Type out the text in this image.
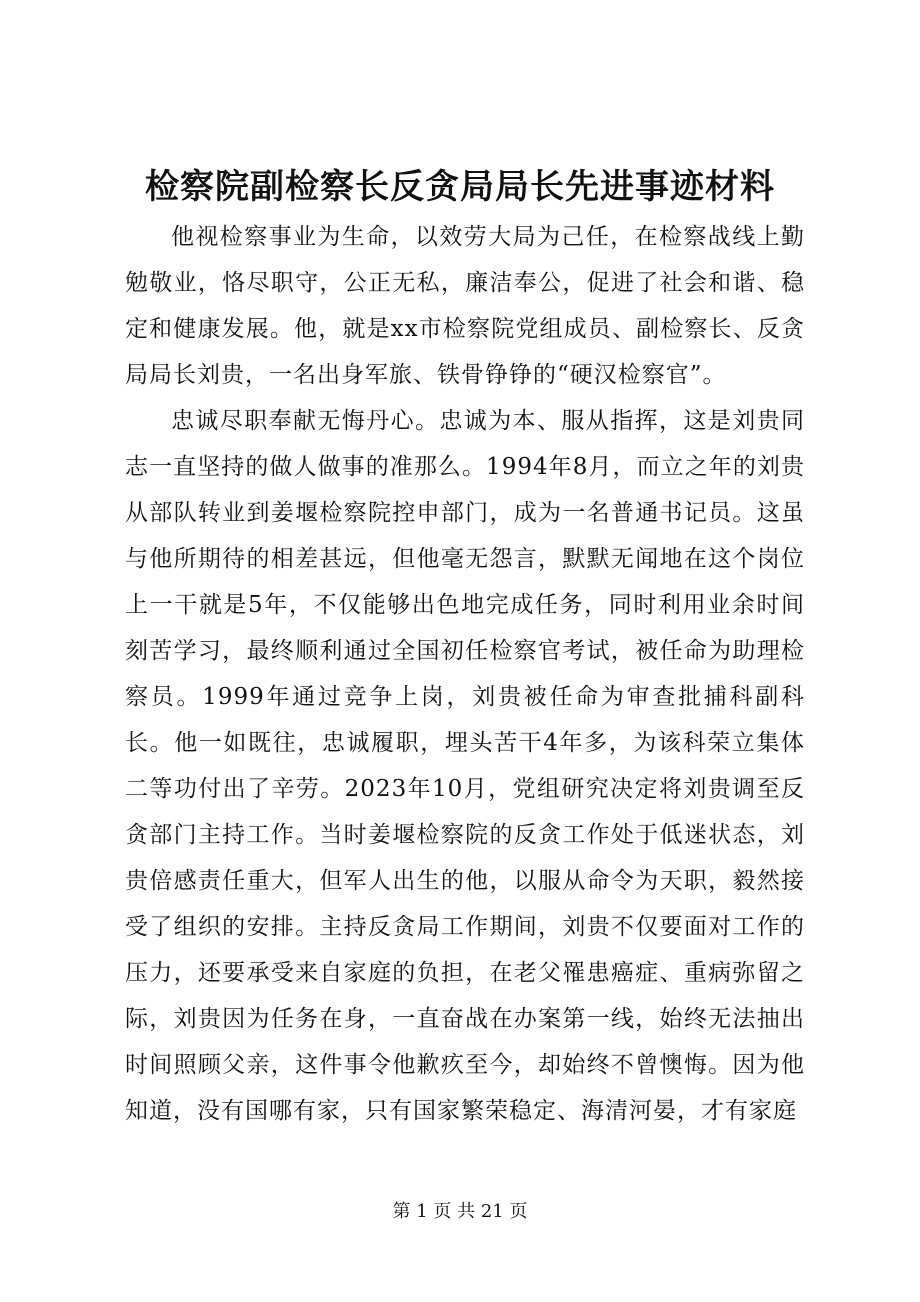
检察院副检察长反贪局局长先进事迹材料

他视检察事业为生命，以效劳大局为己任，在检察战线上勤勉敬业，恪尽职守，公正无私，廉洁奉公，促进了社会和谐、稳定和健康发展。他，就是xx市检察院党组成员、副检察长、反贪局局长刘贵，一名出身军旅、铁骨铮铮的“硬汉检察官”。

忠诚尽职奉献无悔丹心。忠诚为本、服从指挥，这是刘贵同志一直坚持的做人做事的准那么。1994年8月，而立之年的刘贵从部队转业到姜堰检察院控申部门，成为一名普通书记员。这虽与他所期待的相差甚远，但他毫无怨言，默默无闻地在这个岗位上一干就是5年，不仅能够出色地完成任务，同时利用业余时间刻苦学习，最终顺利通过全国初任检察官考试，被任命为助理检察员。1999年通过竞争上岗，刘贵被任命为审查批捕科副科长。他一如既往，忠诚履职，埋头苦干4年多，为该科荣立集体二等功付出了辛劳。2023年10月，党组研究决定将刘贵调至反贪部门主持工作。当时姜堰检察院的反贪工作处于低迷状态，刘贵倍感责任重大，但军人出生的他，以服从命令为天职，毅然接受了组织的安排。主持反贪局工作期间，刘贵不仅要面对工作的压力，还要承受来自家庭的负担，在老父罹患癌症、重病弥留之际，刘贵因为任务在身，一直奋战在办案第一线，始终无法抽出时间照顾父亲，这件事令他歉疚至今，却始终不曾懊悔。因为他知道，没有国哪有家，只有国家繁荣稳定、海清河晏，才有家庭

第 1 页 共 21 页
